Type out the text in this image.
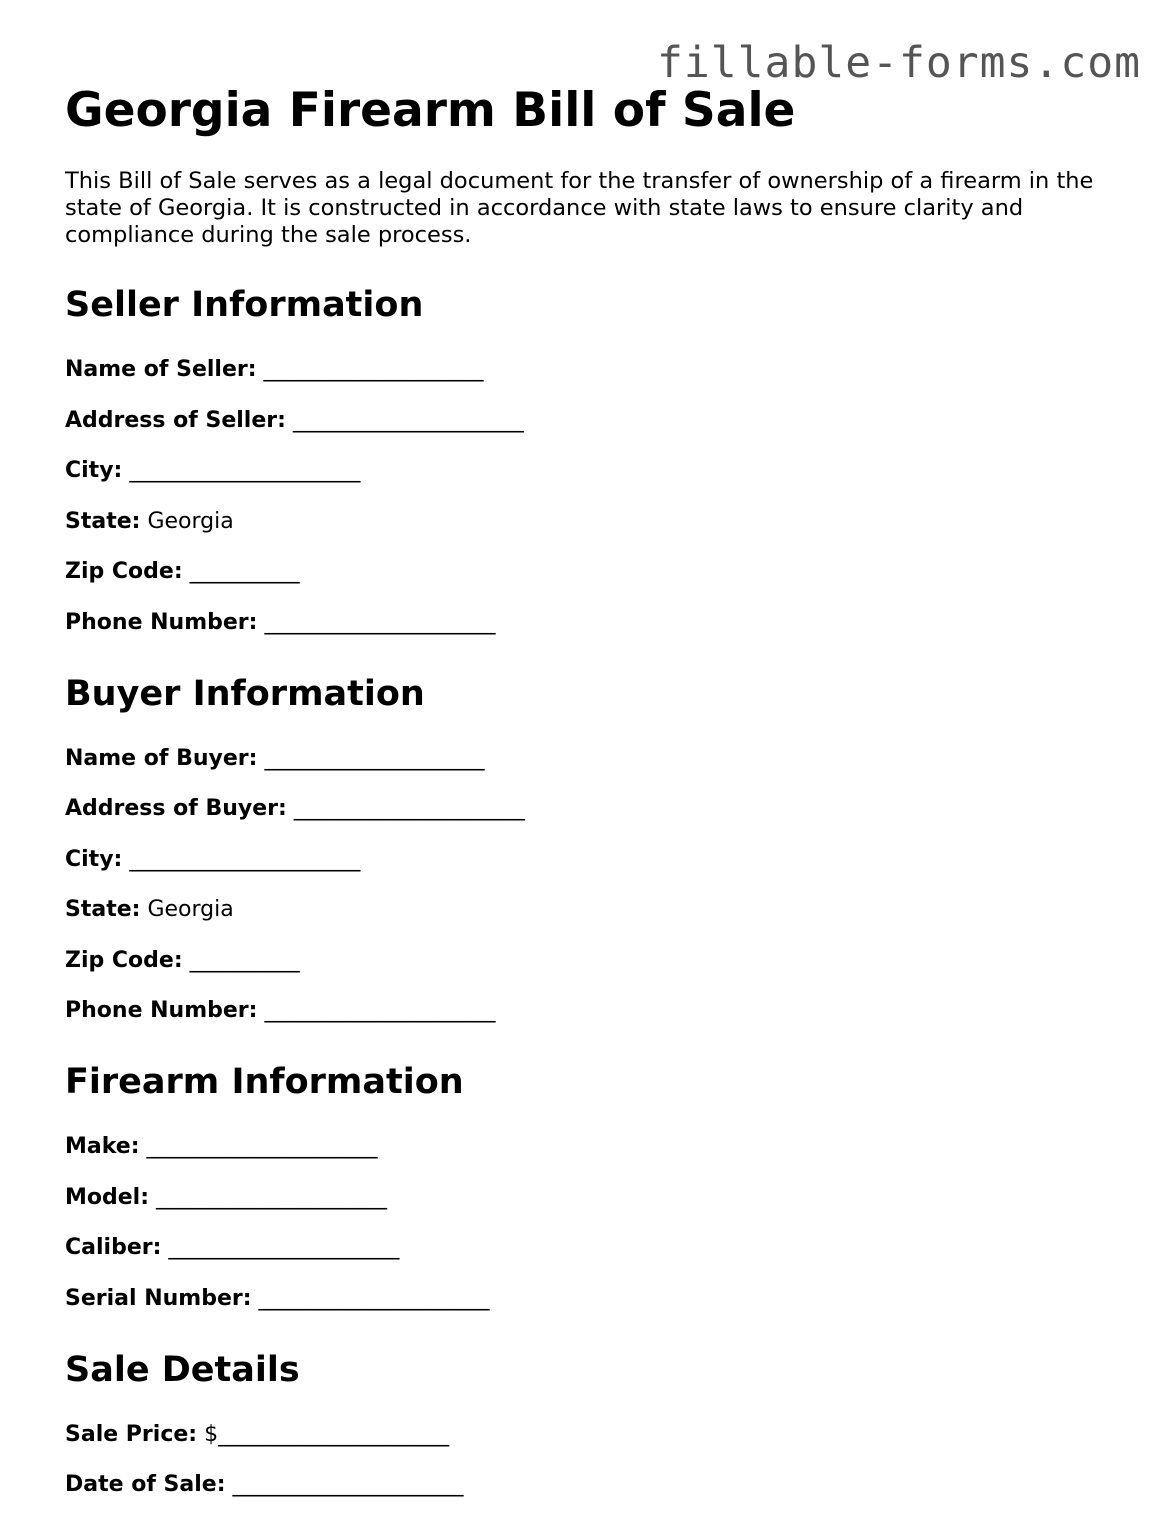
fillable-forms.com
Georgia Firearm Bill of Sale

This Bill of Sale serves as a legal document for the transfer of ownership of a firearm in the state of Georgia. It is constructed in accordance with state laws to ensure clarity and compliance during the sale process.

Seller Information

Name of Seller: ____________________

Address of Seller: _____________________

City: _____________________

State: Georgia

Zip Code: __________

Phone Number: _____________________

Buyer Information

Name of Buyer: ____________________

Address of Buyer: _____________________

City: _____________________

State: Georgia

Zip Code: __________

Phone Number: _____________________

Firearm Information

Make: _____________________

Model: _____________________

Caliber: _____________________

Serial Number: _____________________

Sale Details

Sale Price: $_____________________

Date of Sale: _____________________
